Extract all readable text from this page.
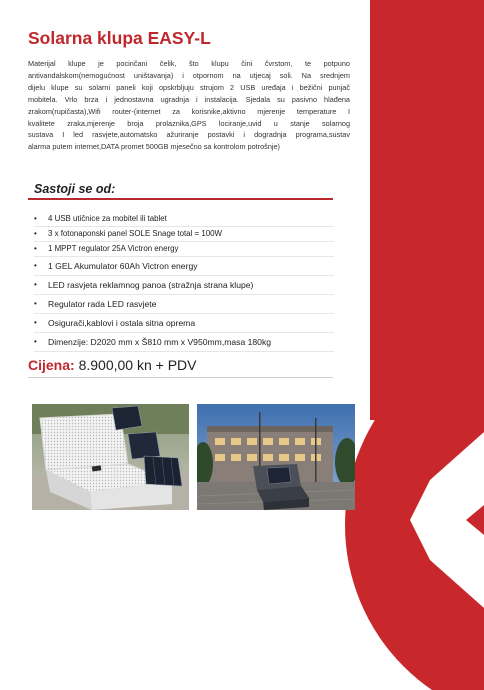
Solarna klupa EASY-L

Materijal klupe je pocinčani čelik, što klupu čini čvrstom, te potpuno
antivandalskom(nemogućnost uništavanja) i otpornom na utjecaj soli. Na srednjem
dijelu klupe su solarni paneli koji opskrbljuju strujom 2 USB uređaja i bežični punjač
mobitela. Vrlo brza i jednostavna ugradnja i instalacija. Sjedala su pasivno hlađena
zrakom(rupičasta),Wifi router-(internet za korisnike,aktivno mjerenje temperature I
kvalitete zraka,mjerenje broja prolaznika,GPS lociranje,uvid u stanje solarnog
sustava I led rasvjete,automatsko ažuriranje postavki i dogradnja programa,sustav
alarma putem internet,DATA promet 500GB mjesečno sa kontrolom potrošnje)

Sastoji se od:
• 4 USB utičnice za mobitel ili tablet
• 3 x fotonaponski panel SOLE Snage total = 100W
• 1 MPPT regulator 25A Victron energy
• 1 GEL Akumulator 60Ah Victron energy
• LED rasvjeta reklamnog panoa (stražnja strana klupe)
• Regulator rada LED rasvjete
• Osigurači,kablovi i ostala sitna oprema
• Dimenzije: D2020 mm x Š810 mm x V950mm,masa 180kg

Cijena: 8.900,00 kn + PDV
